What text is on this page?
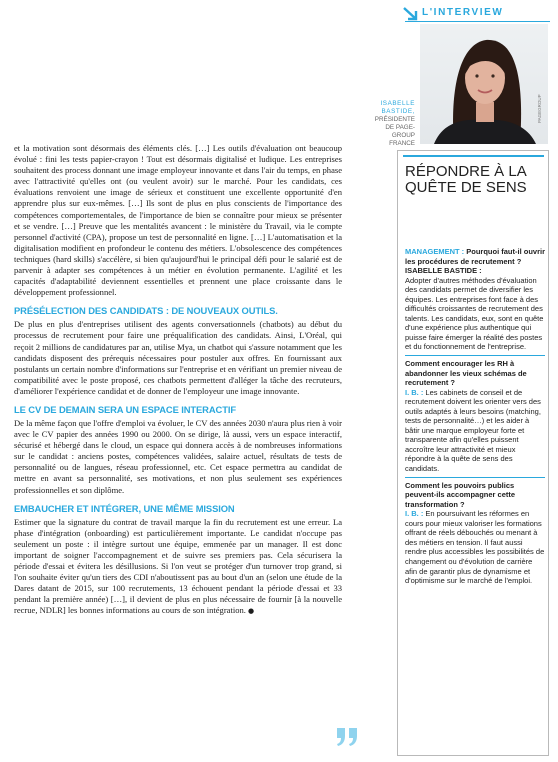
L'INTERVIEW
PAGEGROUP
ISABELLE
BASTIDE,
PRÉSIDENTE
DE PAGE-
GROUP
FRANCE

et la motivation sont désormais des éléments clés. […] Les outils d'évaluation ont beaucoup évolué : fini les tests papier-crayon ! Tout est désormais digitalisé et ludique. Les entreprises souhaitent des process donnant une image employeur innovante et dans l'air du temps, en phase avec l'attractivité qu'elles ont (ou veulent avoir) sur le marché. Pour les candidats, ces évaluations renvoient une image de sérieux et constituent une excellente opportunité d'en apprendre plus sur eux-mêmes. […] Ils sont de plus en plus conscients de l'importance des compétences comportementales, de l'importance de bien se connaître pour mieux se présenter et se vendre. […] Preuve que les mentalités avancent : le ministère du Travail, via le compte personnel d'activité (CPA), propose un test de personnalité en ligne. […] L'automatisation et la digitalisation modifient en profondeur le contenu des métiers. L'obsolescence des compétences techniques (hard skills) s'accélère, si bien qu'aujourd'hui le principal défi pour le salarié est de parvenir à adapter ses compétences à un métier en évolution permanente. L'agilité et les capacités d'adaptabilité deviennent essentielles et prennent une place croissante dans le développement professionnel.

PRÉSÉLECTION DES CANDIDATS : DE NOUVEAUX OUTILS.

De plus en plus d'entreprises utilisent des agents conversationnels (chatbots) au début du processus de recrutement pour faire une préqualification des candidats. Ainsi, L'Oréal, qui reçoit 2 millions de candidatures par an, utilise Mya, un chatbot qui s'assure notamment que les candidats disposent des prérequis nécessaires pour postuler aux offres. En fournissant aux postulants un certain nombre d'informations sur l'entreprise et en vérifiant un premier niveau de compatibilité avec le poste proposé, ces chatbots permettent d'alléger la tâche des recruteurs, d'améliorer l'expérience candidat et de donner de l'employeur une image innovante.

LE CV DE DEMAIN SERA UN ESPACE INTERACTIF

De la même façon que l'offre d'emploi va évoluer, le CV des années 2030 n'aura plus rien à voir avec le CV papier des années 1990 ou 2000. On se dirige, là aussi, vers un espace interactif, sécurisé et hébergé dans le cloud, un espace qui donnera accès à de nombreuses informations sur le candidat : anciens postes, compétences validées, salaire actuel, résultats de tests de personnalité ou de langues, réseau professionnel, etc. Cet espace permettra au candidat de mettre en avant sa personnalité, ses motivations, et non plus seulement ses expériences professionnelles et son diplôme.

EMBAUCHER ET INTÉGRER, UNE MÊME MISSION

Estimer que la signature du contrat de travail marque la fin du recrutement est une erreur. La phase d'intégration (onboarding) est particulièrement importante. Le candidat n'occupe pas seulement un poste : il intègre surtout une équipe, emmenée par un manager. Il est donc important de soigner l'accompagnement et de suivre ses premiers pas. Cela sécurisera la période d'essai et évitera les désillusions. Si l'on veut se protéger d'un turnover trop grand, si l'on souhaite éviter qu'un tiers des CDI n'aboutissent pas au bout d'un an (selon une étude de la Dares datant de 2015, sur 100 recrutements, 13 échouent pendant la période d'essai et 33 pendant la première année) […], il devient de plus en plus nécessaire de fournir [à la nouvelle recrue, NDLR] les bonnes informations au cours de son intégration. ●

RÉPONDRE À LA QUÊTE DE SENS

MANAGEMENT : Pourquoi faut-il ouvrir les procédures de recrutement ?

ISABELLE BASTIDE :
Adopter d'autres méthodes d'évaluation des candidats permet de diversifier les équipes. Les entreprises font face à des difficultés croissantes de recrutement des talents. Les candidats, eux, sont en quête d'une expérience plus authentique qui puisse faire émerger la réalité des postes et du fonctionnement de l'entreprise.

Comment encourager les RH à abandonner les vieux schémas de recrutement ?

I. B. : Les cabinets de conseil et de recrutement doivent les orienter vers des outils adaptés à leurs besoins (matching, tests de personnalité…) et les aider à bâtir une marque employeur forte et transparente afin qu'elles puissent accroître leur attractivité et mieux répondre à la quête de sens des candidats.

Comment les pouvoirs publics peuvent-ils accompagner cette transformation ?

I. B. : En poursuivant les réformes en cours pour mieux valoriser les formations offrant de réels débouchés ou menant à des métiers en tension. Il faut aussi rendre plus accessibles les possibilités de changement ou d'évolution de carrière afin de garantir plus de dynamisme et d'optimisme sur le marché de l'emploi.
